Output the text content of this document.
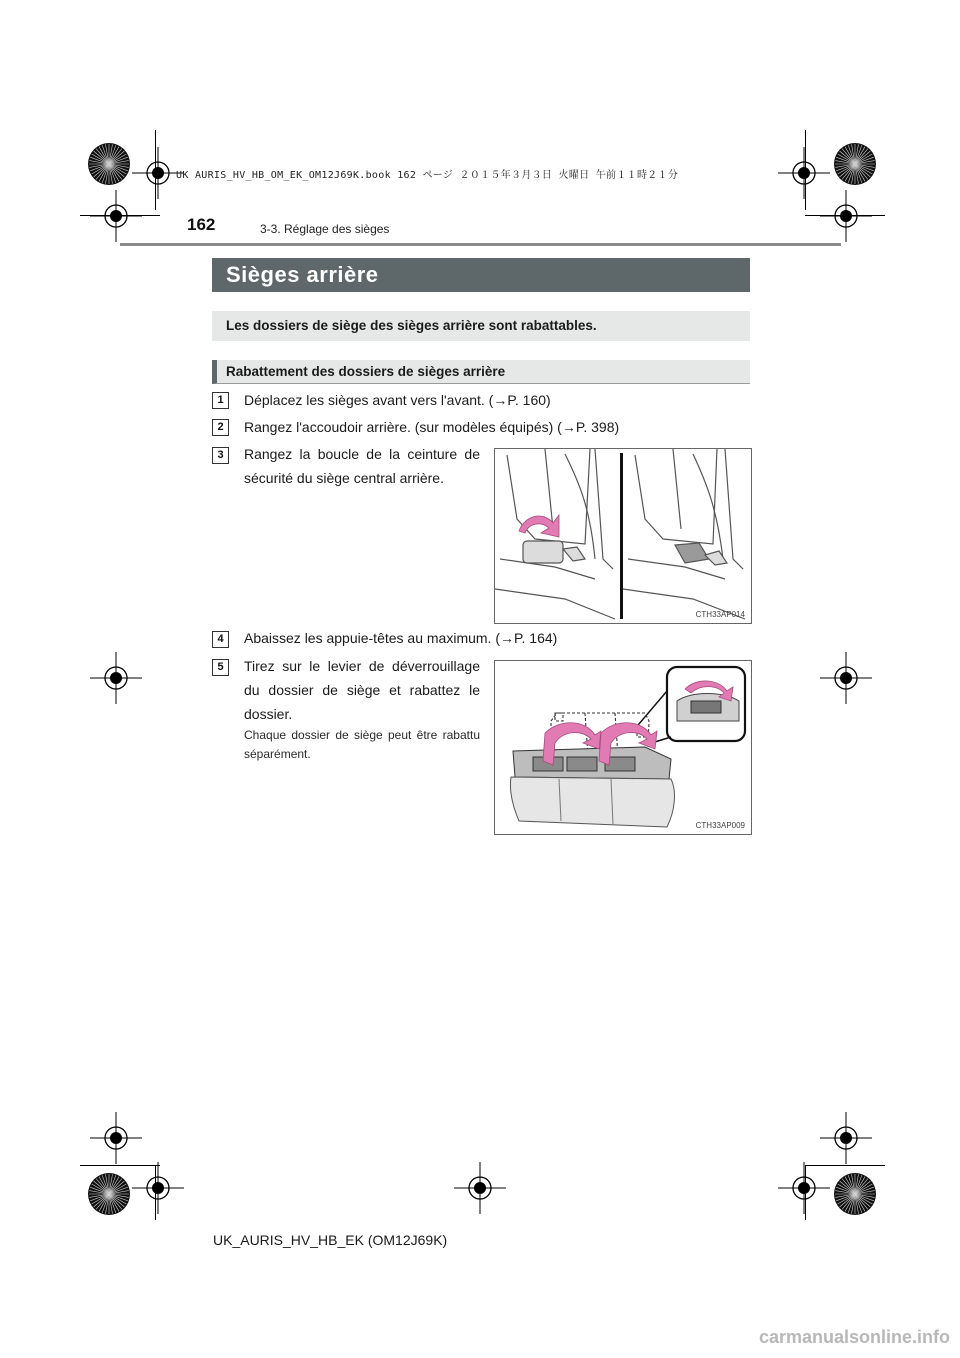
UK AURIS_HV_HB_OM_EK_OM12J69K.book 162 ページ ２０１５年３月３日 火曜日 午前１１時２１分
162	3-3. Réglage des sièges
Sièges arrière
Les dossiers de siège des sièges arrière sont rabattables.
Rabattement des dossiers de sièges arrière
1	Déplacez les sièges avant vers l'avant. (→P. 160)
2	Rangez l'accoudoir arrière. (sur modèles équipés) (→P. 398)
3	Rangez la boucle de la ceinture de sécurité du siège central arrière.
CTH33AP014
4	Abaissez les appuie-têtes au maximum. (→P. 164)
5	Tirez sur le levier de déverrouillage du dossier de siège et rabattez le dossier.
Chaque dossier de siège peut être rabattu séparément.
CTH33AP009
UK_AURIS_HV_HB_EK (OM12J69K)
carmanualsonline.info
